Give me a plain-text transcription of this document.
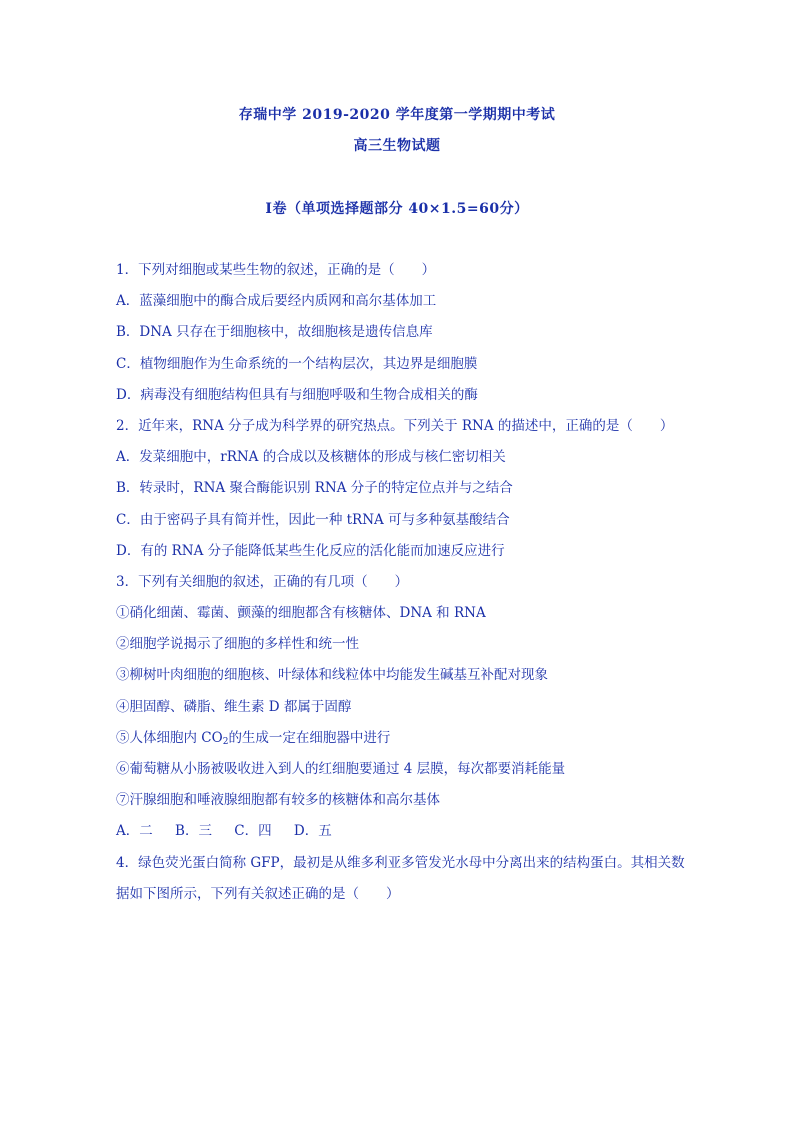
存瑞中学 2019-2020 学年度第一学期期中考试
高三生物试题
Ⅰ卷（单项选择题部分 40×1.5=60分）
1．下列对细胞或某些生物的叙述，正确的是（　　）
A．蓝藻细胞中的酶合成后要经内质网和高尔基体加工
B．DNA 只存在于细胞核中，故细胞核是遗传信息库
C．植物细胞作为生命系统的一个结构层次，其边界是细胞膜
D．病毒没有细胞结构但具有与细胞呼吸和生物合成相关的酶
2．近年来，RNA 分子成为科学界的研究热点。下列关于 RNA 的描述中，正确的是（　　）
A．发菜细胞中，rRNA 的合成以及核糖体的形成与核仁密切相关
B．转录时，RNA 聚合酶能识别 RNA 分子的特定位点并与之结合
C．由于密码子具有简并性，因此一种 tRNA 可与多种氨基酸结合
D．有的 RNA 分子能降低某些生化反应的活化能而加速反应进行
3．下列有关细胞的叙述，正确的有几项（　　）
①硝化细菌、霉菌、颤藻的细胞都含有核糖体、DNA 和 RNA
②细胞学说揭示了细胞的多样性和统一性
③柳树叶肉细胞的细胞核、叶绿体和线粒体中均能发生碱基互补配对现象
④胆固醇、磷脂、维生素 D 都属于固醇
⑤人体细胞内 $CO_2$的生成一定在细胞器中进行
⑥葡萄糖从小肠被吸收进入到人的红细胞要通过 4 层膜，每次都要消耗能量
⑦汗腺细胞和唾液腺细胞都有较多的核糖体和高尔基体
A．二 B．三 C．四 D．五
4．绿色荧光蛋白简称 GFP，最初是从维多利亚多管发光水母中分离出来的结构蛋白。其相关数据如下图所示，下列有关叙述正确的是（　　）
